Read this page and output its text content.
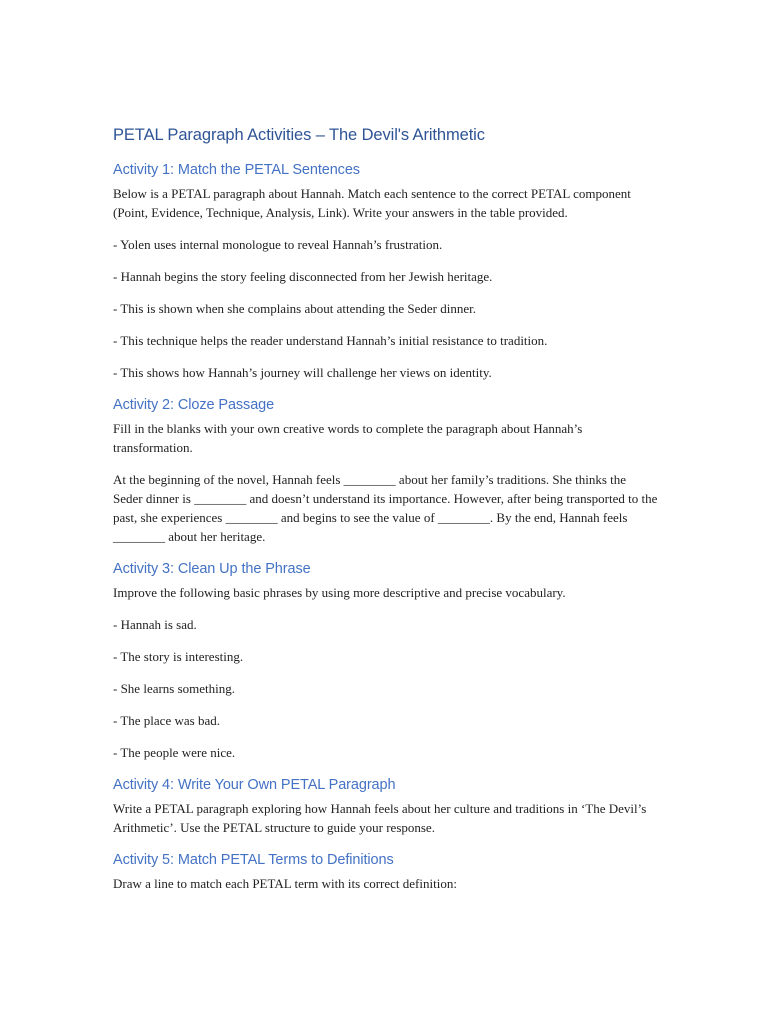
PETAL Paragraph Activities – The Devil's Arithmetic
Activity 1: Match the PETAL Sentences

Below is a PETAL paragraph about Hannah. Match each sentence to the correct PETAL component (Point, Evidence, Technique, Analysis, Link). Write your answers in the table provided.

- Yolen uses internal monologue to reveal Hannah’s frustration.

- Hannah begins the story feeling disconnected from her Jewish heritage.

- This is shown when she complains about attending the Seder dinner.

- This technique helps the reader understand Hannah’s initial resistance to tradition.

- This shows how Hannah’s journey will challenge her views on identity.

Activity 2: Cloze Passage

Fill in the blanks with your own creative words to complete the paragraph about Hannah’s transformation.

At the beginning of the novel, Hannah feels ________ about her family’s traditions. She thinks the Seder dinner is ________ and doesn’t understand its importance. However, after being transported to the past, she experiences ________ and begins to see the value of ________. By the end, Hannah feels ________ about her heritage.

Activity 3: Clean Up the Phrase

Improve the following basic phrases by using more descriptive and precise vocabulary.

- Hannah is sad.

- The story is interesting.

- She learns something.

- The place was bad.

- The people were nice.

Activity 4: Write Your Own PETAL Paragraph

Write a PETAL paragraph exploring how Hannah feels about her culture and traditions in ‘The Devil’s Arithmetic’. Use the PETAL structure to guide your response.

Activity 5: Match PETAL Terms to Definitions

Draw a line to match each PETAL term with its correct definition:
